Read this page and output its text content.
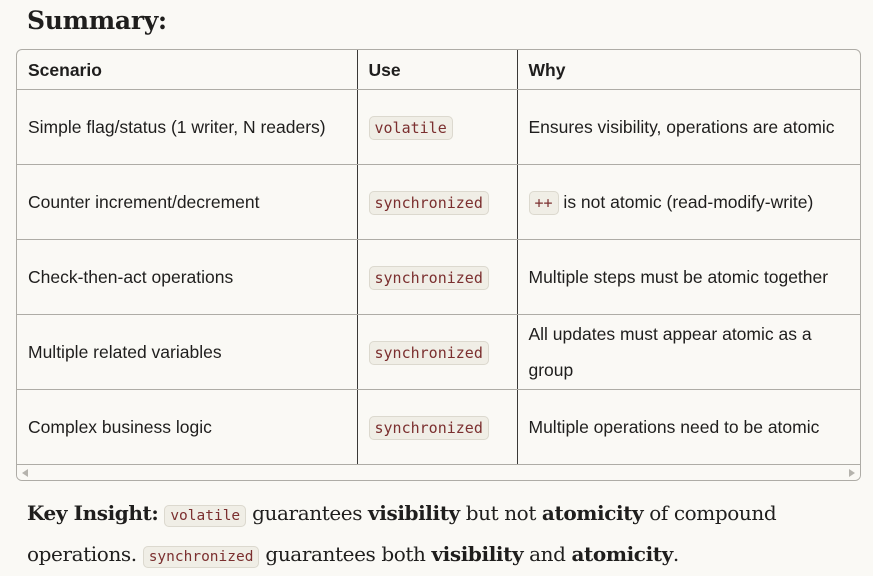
Summary:
Scenario	Use	Why
Simple flag/status (1 writer, N readers)	volatile	Ensures visibility, operations are atomic
Counter increment/decrement	synchronized	++ is not atomic (read-modify-write)
Check-then-act operations	synchronized	Multiple steps must be atomic together
Multiple related variables	synchronized	All updates must appear atomic as a group
Complex business logic	synchronized	Multiple operations need to be atomic

Key Insight: volatile guarantees visibility but not atomicity of compound operations. synchronized guarantees both visibility and atomicity.
